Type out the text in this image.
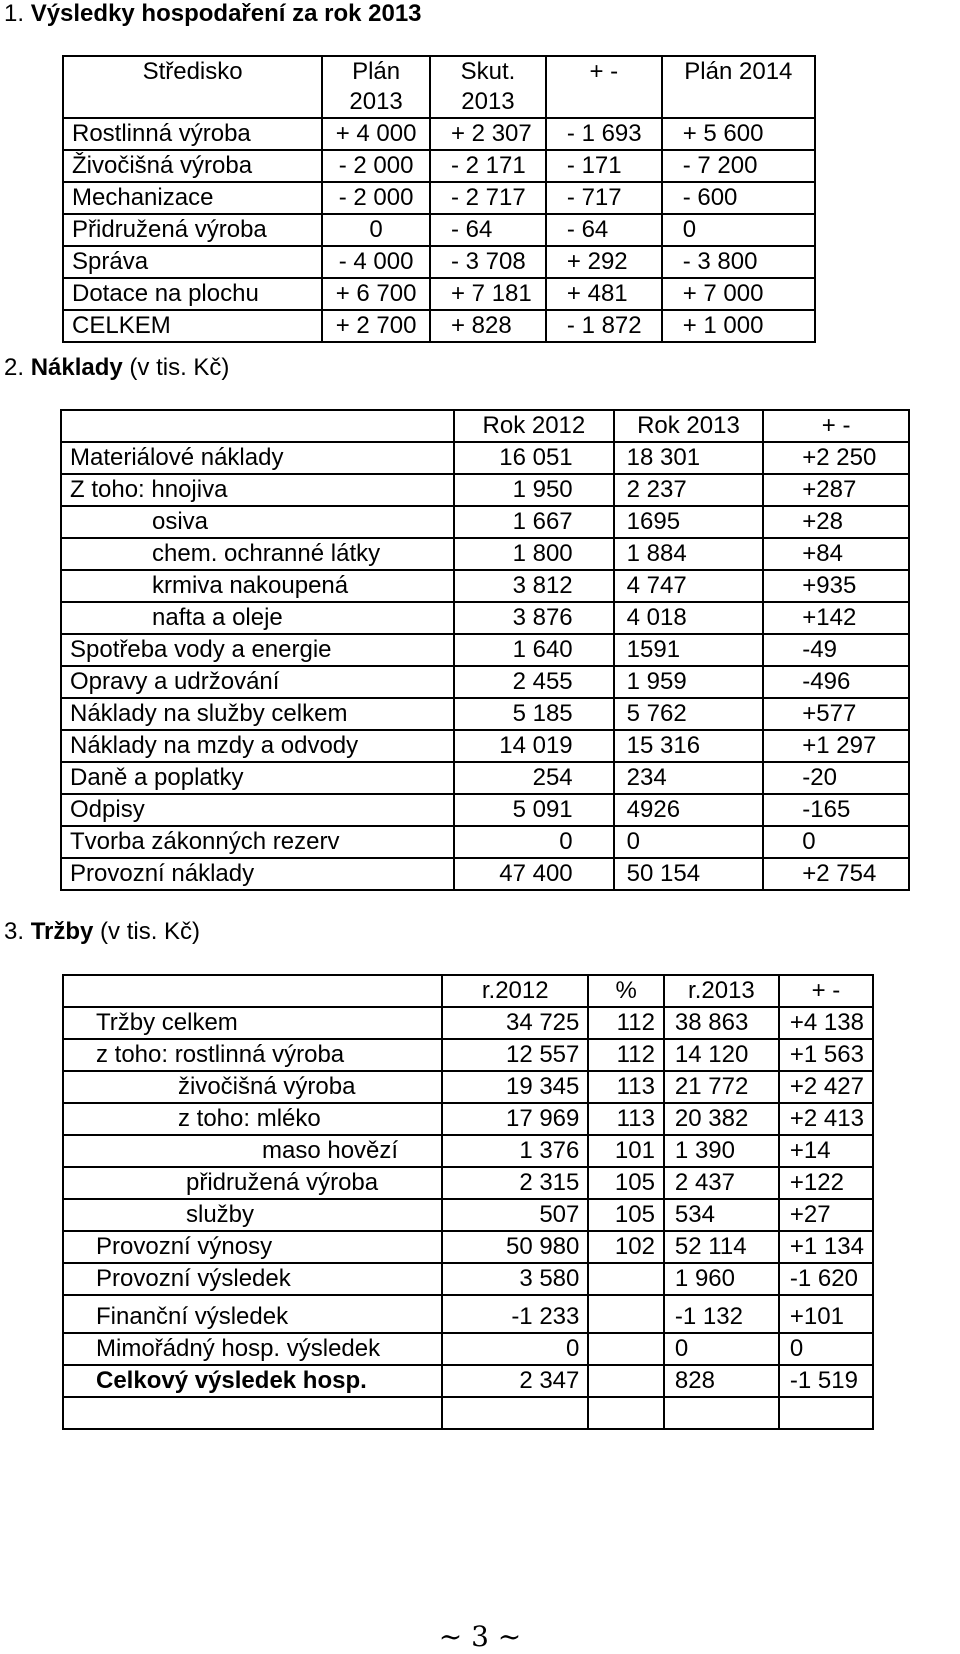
1. Výsledky hospodaření za rok 2013
Středisko	Plán 2013	Skut. 2013	+ -	Plán 2014
Rostlinná výroba	+ 4 000	+ 2 307	- 1 693	+ 5 600
Živočišná výroba	- 2 000	- 2 171	- 171	- 7 200
Mechanizace	- 2 000	- 2 717	- 717	- 600
Přidružená výroba	0	- 64	- 64	0
Správa	- 4 000	- 3 708	+ 292	- 3 800
Dotace na plochu	+ 6 700	+ 7 181	+ 481	+ 7 000
CELKEM	+ 2 700	+ 828	- 1 872	+ 1 000
2. Náklady (v tis. Kč)
	Rok 2012	Rok 2013	+ -
Materiálové náklady	16 051	18 301	+2 250
Z toho: hnojiva	1 950	2 237	+287
osiva	1 667	1695	+28
chem. ochranné látky	1 800	1 884	+84
krmiva nakoupená	3 812	4 747	+935
nafta a oleje	3 876	4 018	+142
Spotřeba vody a energie	1 640	1591	-49
Opravy a udržování	2 455	1 959	-496
Náklady na služby celkem	5 185	5 762	+577
Náklady na mzdy a odvody	14 019	15 316	+1 297
Daně a poplatky	254	234	-20
Odpisy	5 091	4926	-165
Tvorba zákonných rezerv	0	0	0
Provozní náklady	47 400	50 154	+2 754
3. Tržby (v tis. Kč)
	r.2012	%	r.2013	+ -
Tržby celkem	34 725	112	38 863	+4 138
z toho: rostlinná výroba	12 557	112	14 120	+1 563
živočišná výroba	19 345	113	21 772	+2 427
z toho: mléko	17 969	113	20 382	+2 413
maso hovězí	1 376	101	1 390	+14
přidružená výroba	2 315	105	2 437	+122
služby	507	105	534	+27
Provozní výnosy	50 980	102	52 114	+1 134
Provozní výsledek	3 580		1 960	-1 620
Finanční výsledek	-1 233		-1 132	+101
Mimořádný hosp. výsledek	0		0	0
Celkový výsledek hosp.	2 347		828	-1 519

~ 3 ~
